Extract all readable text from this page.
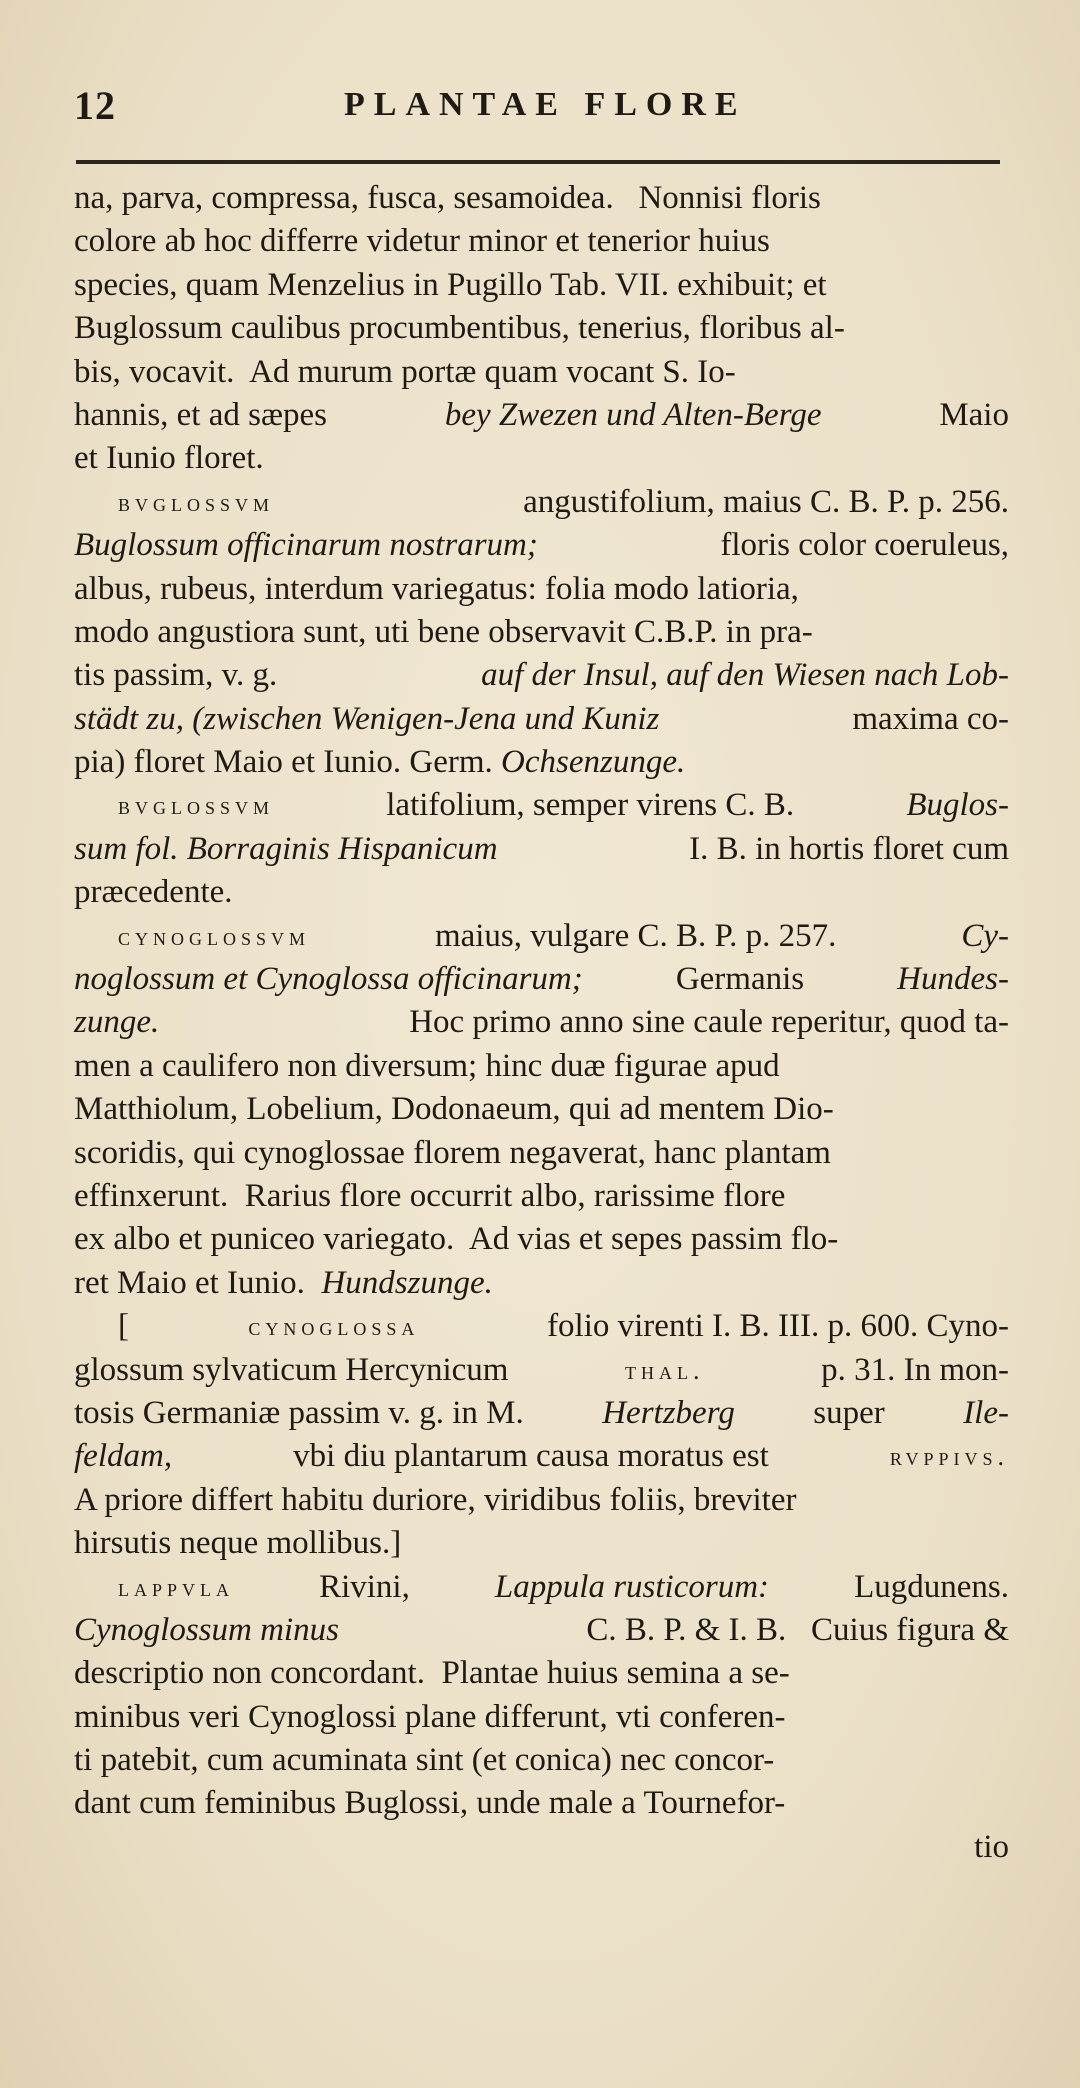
12	PLANTAE FLORE
na, parva, compressa, fusca, sesamoidea.   Nonnisi floris
colore ab hoc differre videtur minor et tenerior huius
species, quam Menzelius in Pugillo Tab. VII. exhibuit; et
Buglossum caulibus procumbentibus, tenerius, floribus al-
bis, vocavit.  Ad murum portæ quam vocant S. Io-
hannis, et ad sæpes	bey Zwezen und Alten-Berge	Maio
et Iunio floret.
bvglossvm	angustifolium, maius C. B. P. p. 256.
Buglossum officinarum nostrarum;	floris color coeruleus,
albus, rubeus, interdum variegatus: folia modo latioria,
modo angustiora sunt, uti bene observavit C.B.P. in pra-
tis passim, v. g.	auf der Insul, auf den Wiesen nach Lob-
städt zu, (zwischen Wenigen-Jena und Kuniz	maxima co-
pia) floret Maio et Iunio. Germ. Ochsenzunge.
bvglossvm	latifolium, semper virens C. B.	Buglos-
sum fol. Borraginis Hispanicum	I. B. in hortis floret cum
præcedente.
cynoglossvm	maius, vulgare C. B. P. p. 257.	Cy-
noglossum et Cynoglossa officinarum;	Germanis	Hundes-
zunge.	Hoc primo anno sine caule reperitur, quod ta-
men a caulifero non diversum; hinc duæ figurae apud
Matthiolum, Lobelium, Dodonaeum, qui ad mentem Dio-
scoridis, qui cynoglossae florem negaverat, hanc plantam
effinxerunt.  Rarius flore occurrit albo, rarissime flore
ex albo et puniceo variegato.  Ad vias et sepes passim flo-
ret Maio et Iunio. Hundszunge.
[	cynoglossa	folio virenti I. B. III. p. 600. Cyno-
glossum sylvaticum Hercynicum	thal.	p. 31. In mon-
tosis Germaniæ passim v. g. in M. Hertzberg super Ile-
feldam,	vbi diu plantarum causa moratus est	rvppivs.
A priore differt habitu duriore, viridibus foliis, breviter
hirsutis neque mollibus.]
lappvla Rivini, Lappula rusticorum: Lugdunens.
Cynoglossum minus	C. B. P. & I. B.   Cuius figura &
descriptio non concordant.  Plantae huius semina a se-
minibus veri Cynoglossi plane differunt, vti conferen-
ti patebit, cum acuminata sint (et conica) nec concor-
dant cum feminibus Buglossi, unde male a Tournefor-
tio
